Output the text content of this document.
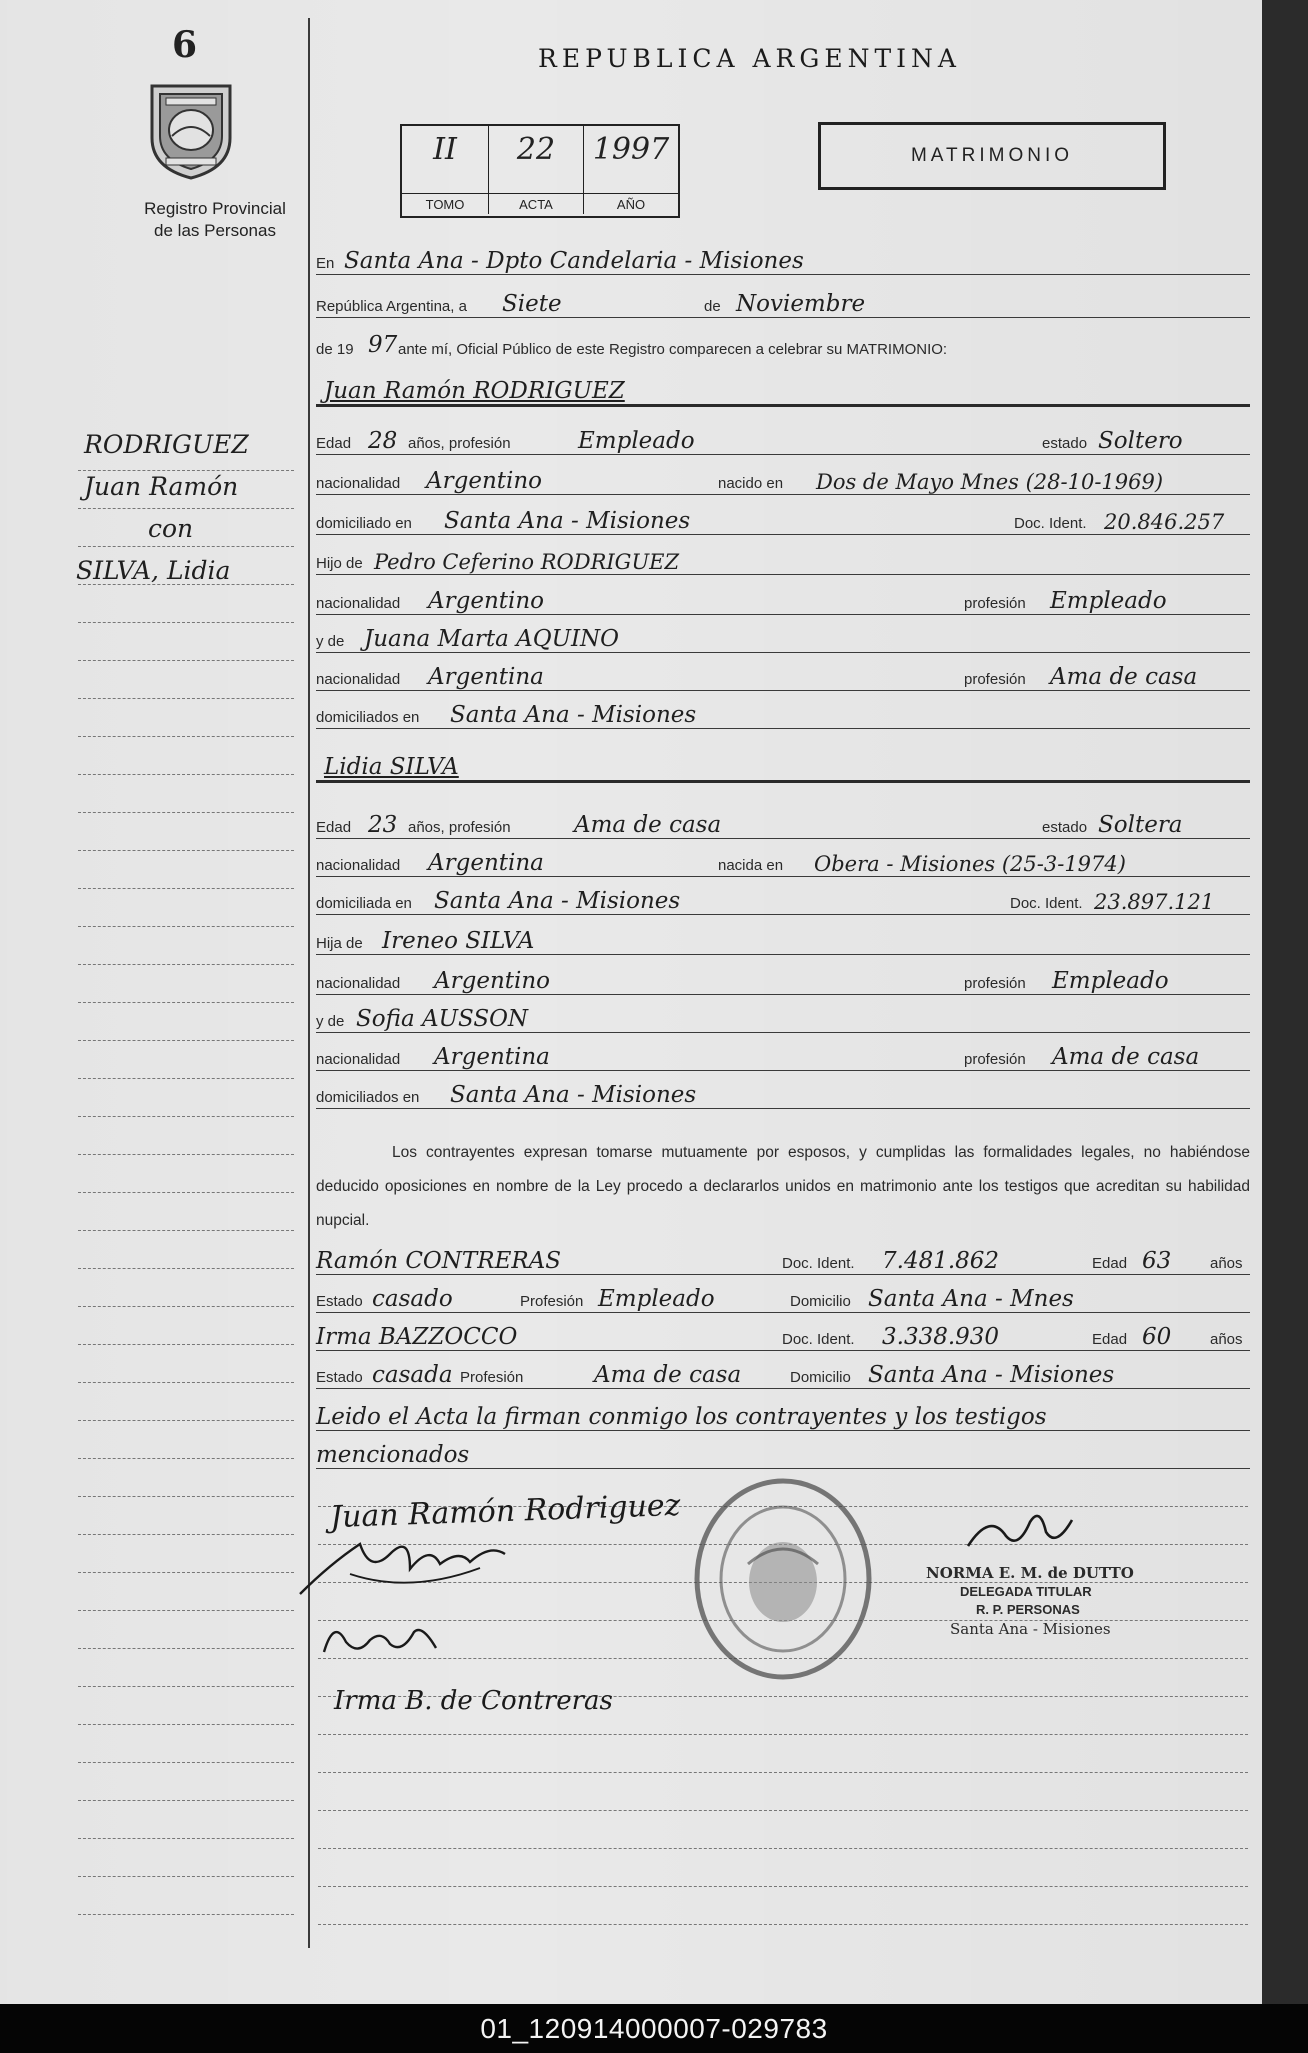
6
Registro Provincial
de las Personas
REPUBLICA ARGENTINA
II
TOMO
22
ACTA
1997
AÑO
MATRIMONIO
RODRIGUEZ
Juan Ramón
con
SILVA, Lidia
En Santa Ana - Dpto Candelaria - Misiones
República Argentina, a Siete	de Noviembre
de 19 97 ante mí, Oficial Público de este Registro comparecen a celebrar su MATRIMONIO:
Juan Ramón RODRIGUEZ
Edad 28 años, profesión	Empleado	estado Soltero
nacionalidad Argentino	nacido en Dos de Mayo Mnes (28-10-1969)
domiciliado en Santa Ana - Misiones	Doc. Ident. 20.846.257
Hijo de Pedro Ceferino RODRIGUEZ
nacionalidad Argentino	profesión Empleado
y de Juana Marta AQUINO
nacionalidad Argentina	profesión Ama de casa
domiciliados en Santa Ana - Misiones
Lidia SILVA
Edad 23 años, profesión	Ama de casa	estado Soltera
nacionalidad Argentina	nacida en Obera - Misiones (25-3-1974)
domiciliada en Santa Ana - Misiones	Doc. Ident. 23.897.121
Hija de Ireneo SILVA
nacionalidad Argentino	profesión Empleado
y de Sofia AUSSON
nacionalidad Argentina	profesión Ama de casa
domiciliados en Santa Ana - Misiones
Los contrayentes expresan tomarse mutuamente por esposos, y cumplidas las formalidades legales, no habiéndose deducido oposiciones en nombre de la Ley procedo a declararlos unidos en matrimonio ante los testigos que acreditan su habilidad nupcial.
Ramón CONTRERAS	Doc. Ident. 7.481.862	Edad 63	años
Estado casado	Profesión Empleado	Domicilio Santa Ana - Mnes
Irma BAZZOCCO	Doc. Ident. 3.338.930	Edad 60	años
Estado casada Profesión	Ama de casa	Domicilio Santa Ana - Misiones
Leido el Acta la firman conmigo los contrayentes y los testigos
mencionados
Juan Ramón Rodriguez
Irma B. de Contreras
NORMA E. M. de DUTTO
DELEGADA TITULAR
R. P. PERSONAS
Santa Ana - Misiones
01_120914000007-029783
